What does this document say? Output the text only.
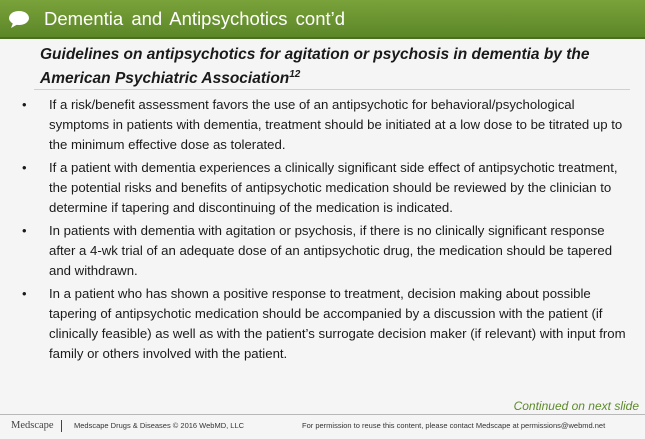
Dementia and Antipsychotics cont’d
Guidelines on antipsychotics for agitation or psychosis in dementia by the American Psychiatric Association$^{12}$
• If a risk/benefit assessment favors the use of an antipsychotic for behavioral/psychological symptoms in patients with dementia, treatment should be initiated at a low dose to be titrated up to the minimum effective dose as tolerated.
• If a patient with dementia experiences a clinically significant side effect of antipsychotic treatment, the potential risks and benefits of antipsychotic medication should be reviewed by the clinician to determine if tapering and discontinuing of the medication is indicated.
• In patients with dementia with agitation or psychosis, if there is no clinically significant response after a 4-wk trial of an adequate dose of an antipsychotic drug, the medication should be tapered and withdrawn.
• In a patient who has shown a positive response to treatment, decision making about possible tapering of antipsychotic medication should be accompanied by a discussion with the patient (if clinically feasible) as well as with the patient’s surrogate decision maker (if relevant) with input from family or others involved with the patient.
Continued on next slide
Medscape	Medscape Drugs & Diseases © 2016 WebMD, LLC	For permission to reuse this content, please contact Medscape at permissions@webmd.net
